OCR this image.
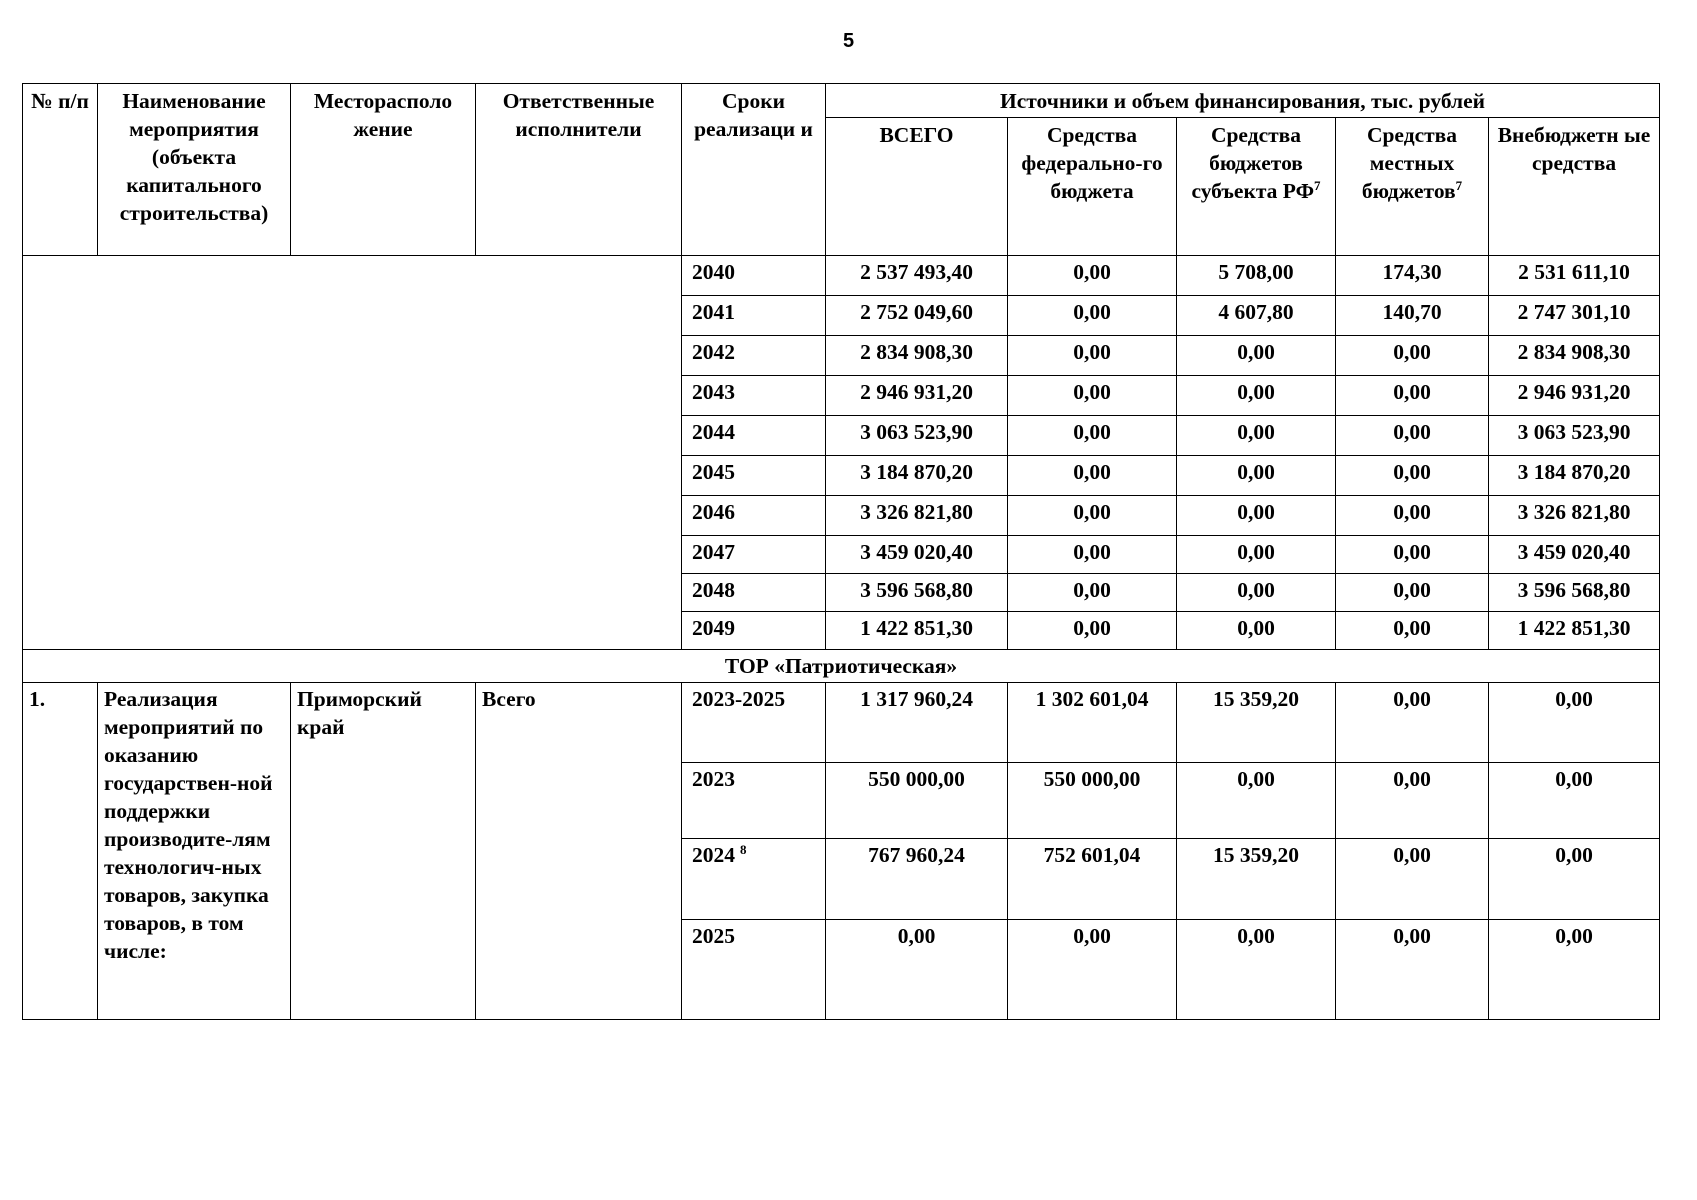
5
№ п/п	Наименование мероприятия (объекта капитального строительства)	Месторасполо жение	Ответственные исполнители	Сроки реализаци и	Источники и объем финансирования, тыс. рублей				
					ВСЕГО	Средства федерально-го бюджета	Средства бюджетов субъекта $РФ^7$	Средства местных бюджетов$^7$	Внебюджетн ые средства
				2040	2 537 493,40	0,00	5 708,00	174,30	2 531 611,10
				2041	2 752 049,60	0,00	4 607,80	140,70	2 747 301,10
				2042	2 834 908,30	0,00	0,00	0,00	2 834 908,30
				2043	2 946 931,20	0,00	0,00	0,00	2 946 931,20
				2044	3 063 523,90	0,00	0,00	0,00	3 063 523,90
				2045	3 184 870,20	0,00	0,00	0,00	3 184 870,20
				2046	3 326 821,80	0,00	0,00	0,00	3 326 821,80
				2047	3 459 020,40	0,00	0,00	0,00	3 459 020,40
				2048	3 596 568,80	0,00	0,00	0,00	3 596 568,80
				2049	1 422 851,30	0,00	0,00	0,00	1 422 851,30
ТОР «Патриотическая»									
1.	Реализация мероприятий по оказанию государствен-ной поддержки производите-лям технологич-ных товаров, закупка товаров, в том числе:	Приморский край	Всего	2023-2025	1 317 960,24	1 302 601,04	15 359,20	0,00	0,00
				2023	550 000,00	550 000,00	0,00	0,00	0,00
				2024 $^8$	767 960,24	752 601,04	15 359,20	0,00	0,00
				2025	0,00	0,00	0,00	0,00	0,00
